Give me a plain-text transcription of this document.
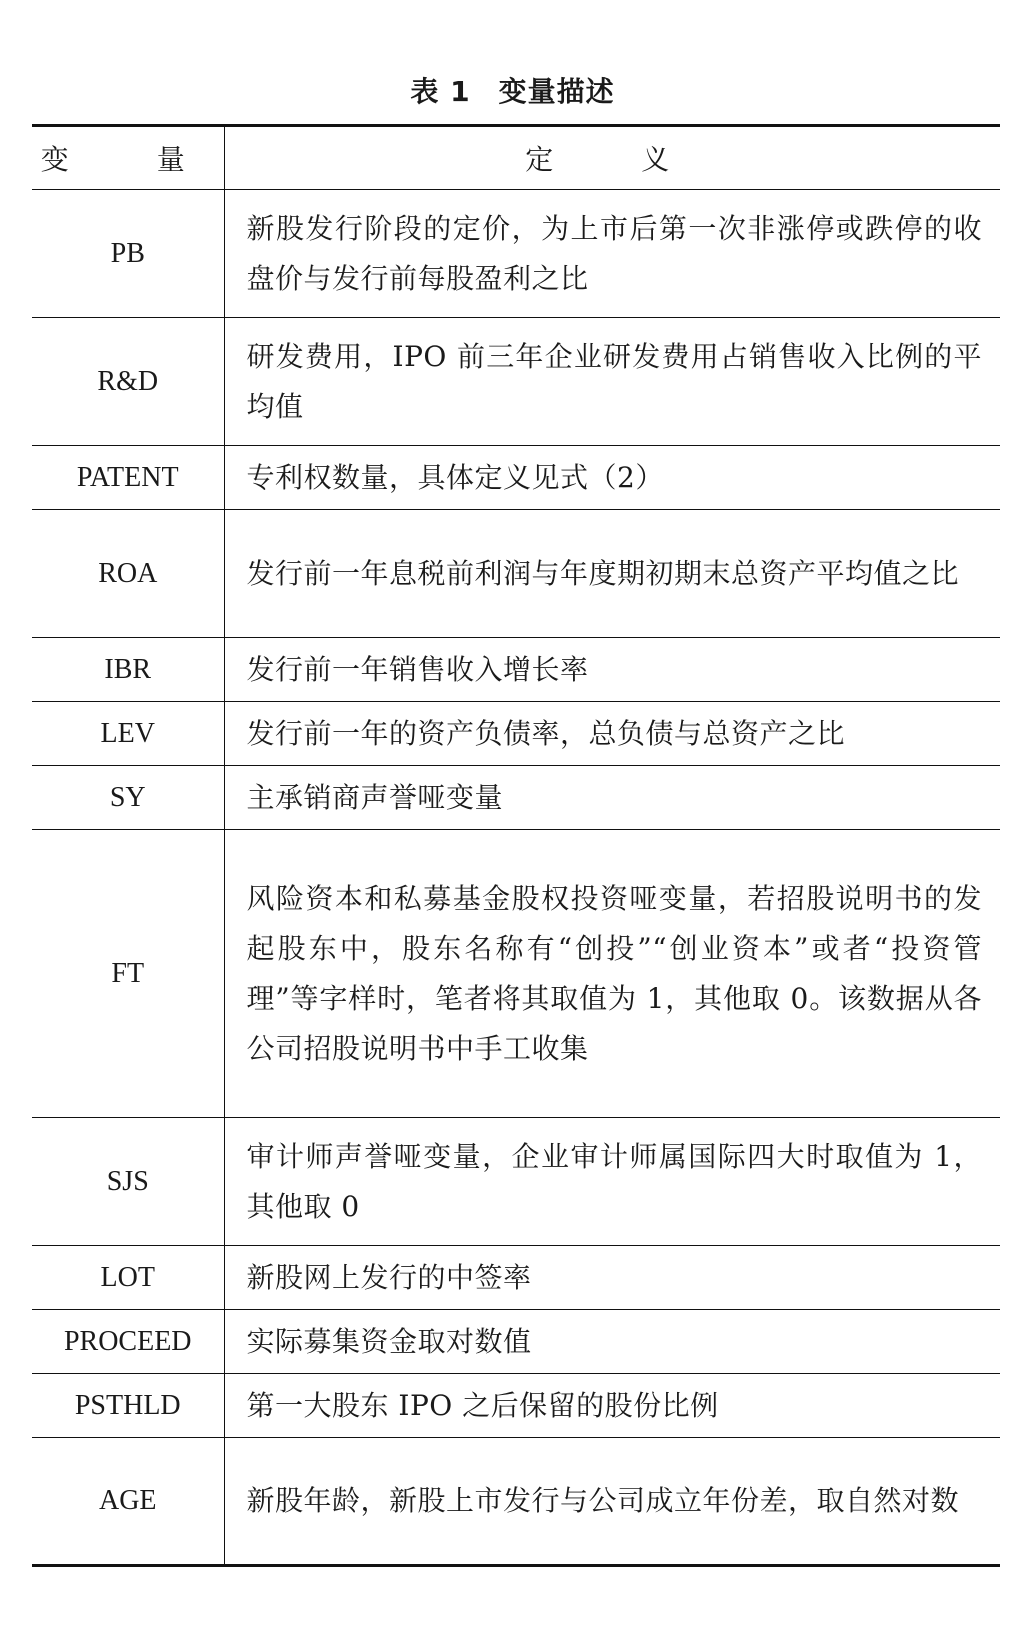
表 1 变量描述
变　量	定　义
PB	新股发行阶段的定价，为上市后第一次非涨停或跌停的收盘价与发行前每股盈利之比
R&D	研发费用，IPO 前三年企业研发费用占销售收入比例的平均值
PATENT	专利权数量，具体定义见式（2）
ROA	发行前一年息税前利润与年度期初期末总资产平均值之比
IBR	发行前一年销售收入增长率
LEV	发行前一年的资产负债率，总负债与总资产之比
SY	主承销商声誉哑变量
FT	风险资本和私募基金股权投资哑变量，若招股说明书的发起股东中，股东名称有“创投”“创业资本”或者“投资管理”等字样时，笔者将其取值为 1，其他取 0。该数据从各公司招股说明书中手工收集
SJS	审计师声誉哑变量，企业审计师属国际四大时取值为 1，其他取 0
LOT	新股网上发行的中签率
PROCEED	实际募集资金取对数值
PSTHLD	第一大股东 IPO 之后保留的股份比例
AGE	新股年龄，新股上市发行与公司成立年份差，取自然对数
